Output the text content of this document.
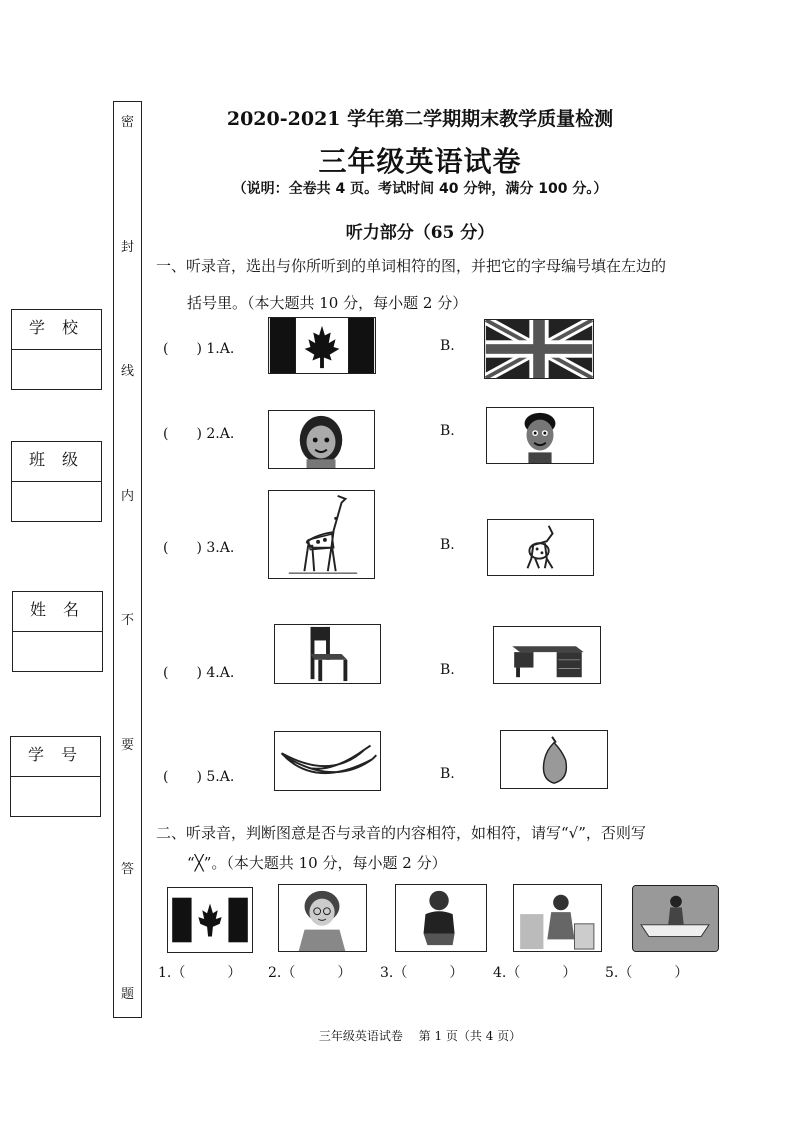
密
封
线
内
不
要
答
题
学 校
班 级
姓 名
学 号
2020-2021 学年第二学期期末教学质量检测
三年级英语试卷
（说明：全卷共 4 页。考试时间 40 分钟，满分 100 分。）
听力部分（65 分）
一、听录音，选出与你所听到的单词相符的图，并把它的字母编号填在左边的
括号里。（本大题共 10 分，每小题 2 分）
(　　) 1.A.	B.
(　　) 2.A.	B.
(　　) 3.A.	B.
(　　) 4.A.	B.
(　　) 5.A.	B.
二、听录音，判断图意是否与录音的内容相符，如相符，请写“√”，否则写
“╳”。（本大题共 10 分，每小题 2 分）
1.（　　　） 2.（　　　） 3.（　　　） 4.（　　　） 5.（　　　）
三年级英语试卷　 第 1 页（共 4 页）
